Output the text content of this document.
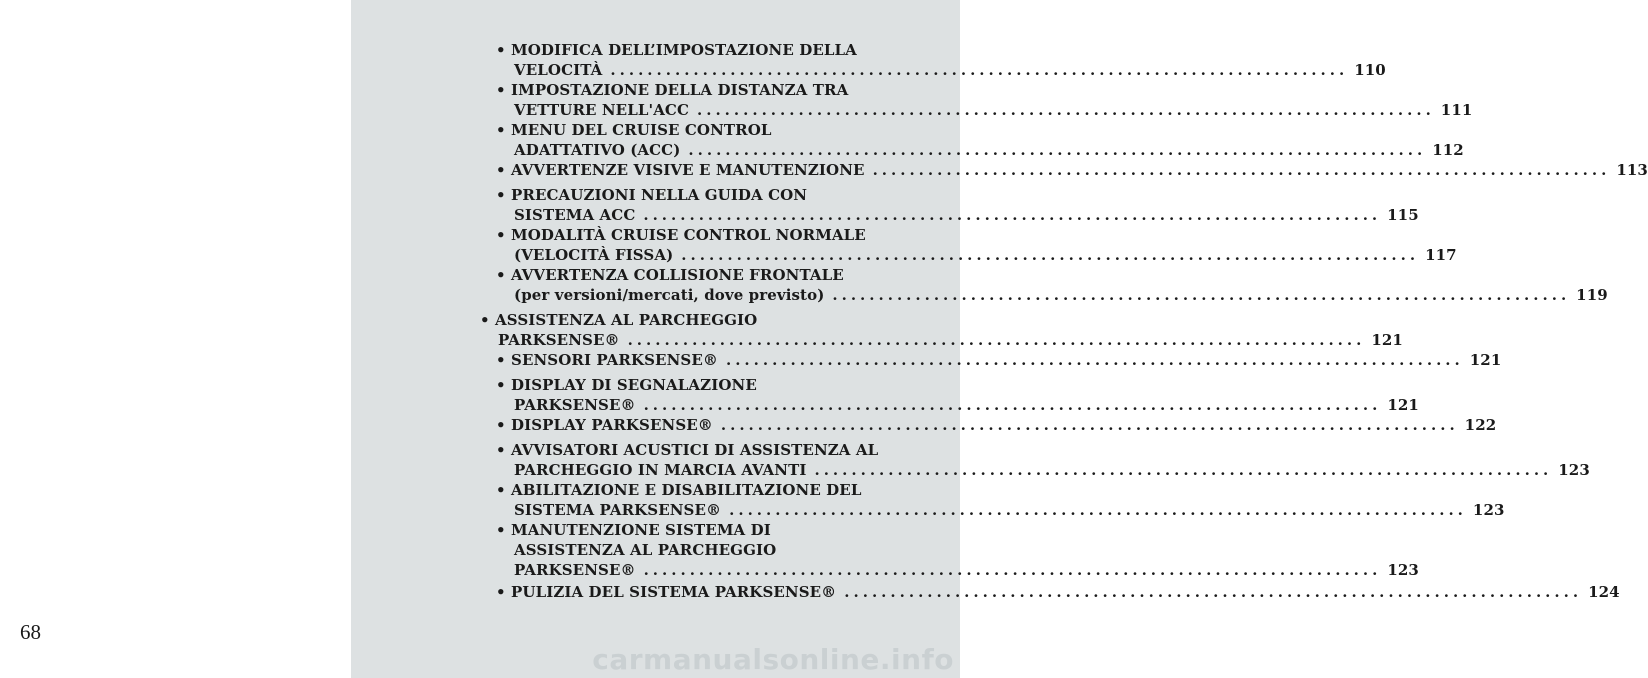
68
• MODIFICA DELL’IMPOSTAZIONE DELLA
VELOCITÀ ................................................................................ 110
• IMPOSTAZIONE DELLA DISTANZA TRA
VETTURE NELL'ACC ................................................................................ 111
• MENU DEL CRUISE CONTROL
ADATTATIVO (ACC) ................................................................................ 112
• AVVERTENZE VISIVE E MANUTENZIONE ................................................................................ 113
• PRECAUZIONI NELLA GUIDA CON
SISTEMA ACC ................................................................................ 115
• MODALITÀ CRUISE CONTROL NORMALE
(VELOCITÀ FISSA) ................................................................................ 117
• AVVERTENZA COLLISIONE FRONTALE
(per versioni/mercati, dove previsto) ................................................................................ 119
• ASSISTENZA AL PARCHEGGIO
PARKSENSE® ................................................................................ 121
• SENSORI PARKSENSE® ................................................................................ 121
• DISPLAY DI SEGNALAZIONE
PARKSENSE® ................................................................................ 121
• DISPLAY PARKSENSE® ................................................................................ 122
• AVVISATORI ACUSTICI DI ASSISTENZA AL
PARCHEGGIO IN MARCIA AVANTI ................................................................................ 123
• ABILITAZIONE E DISABILITAZIONE DEL
SISTEMA PARKSENSE® ................................................................................ 123
• MANUTENZIONE SISTEMA DI
ASSISTENZA AL PARCHEGGIO
PARKSENSE® ................................................................................ 123
• PULIZIA DEL SISTEMA PARKSENSE® ................................................................................ 124
carmanualsonline.info
